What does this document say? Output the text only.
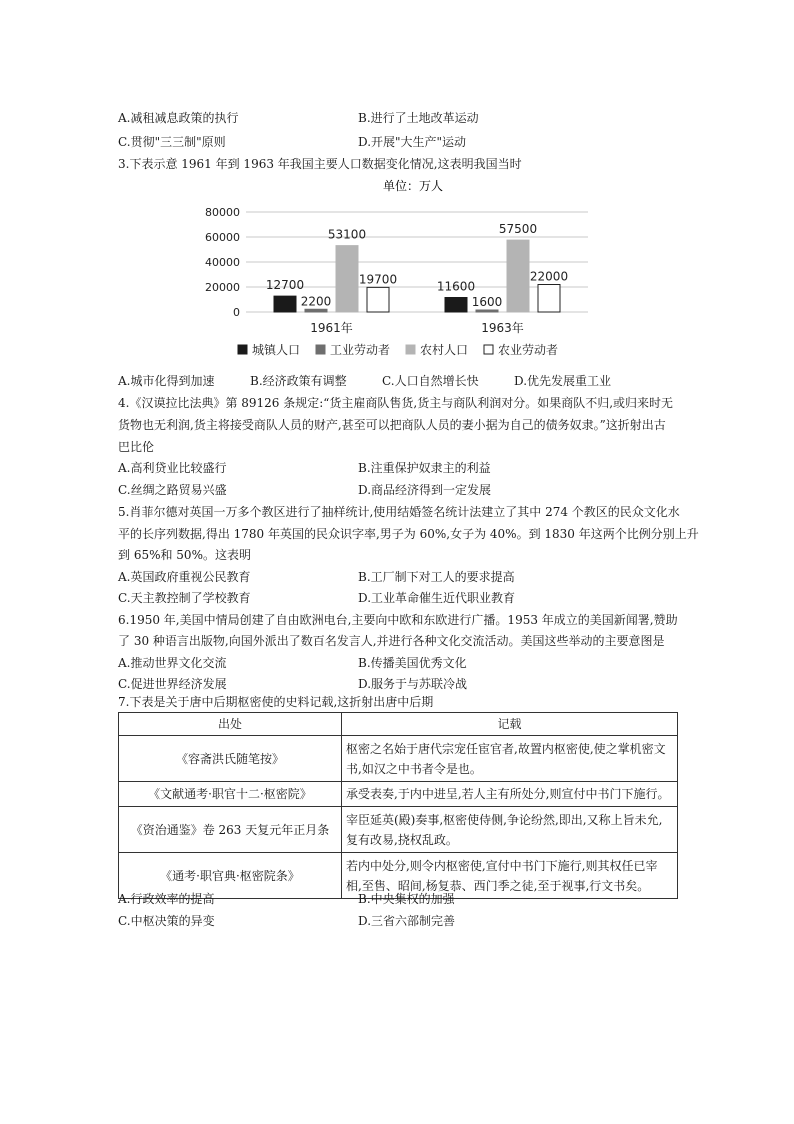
A.减租减息政策的执行	B.进行了土地改革运动
C.贯彻"三三制"原则	D.开展"大生产"运动
3.下表示意 1961 年到 1963 年我国主要人口数据变化情况,这表明我国当时
单位：万人
80000
60000
40000
20000
0
12700
2200
53100
19700
11600
1600
57500
22000
1961年	1963年
城镇人口 工业劳动者 农村人口 农业劳动者
A.城市化得到加速	B.经济政策有调整	C.人口自然增长快	D.优先发展重工业
4.《汉谟拉比法典》第 89126 条规定:“货主雇商队售货,货主与商队利润对分。如果商队不归,或归来时无
货物也无利润,货主将接受商队人员的财产,甚至可以把商队人员的妻小据为自己的债务奴隶。”这折射出古
巴比伦
A.高利贷业比较盛行	B.注重保护奴隶主的利益
C.丝绸之路贸易兴盛	D.商品经济得到一定发展
5.肖菲尔德对英国一万多个教区进行了抽样统计,使用结婚签名统计法建立了其中 274 个教区的民众文化水
平的长序列数据,得出 1780 年英国的民众识字率,男子为 60%,女子为 40%。到 1830 年这两个比例分别上升
到 65%和 50%。这表明
A.英国政府重视公民教育	B.工厂制下对工人的要求提高
C.天主教控制了学校教育	D.工业革命催生近代职业教育
6.1950 年,美国中情局创建了自由欧洲电台,主要向中欧和东欧进行广播。1953 年成立的美国新闻署,赞助
了 30 种语言出版物,向国外派出了数百名发言人,并进行各种文化交流活动。美国这些举动的主要意图是
A.推动世界文化交流	B.传播美国优秀文化
C.促进世界经济发展	D.服务于与苏联冷战
7.下表是关于唐中后期枢密使的史料记载,这折射出唐中后期
出处	记载
《容斋洪氏随笔按》	枢密之名始于唐代宗宠任宦官者,故置内枢密使,使之掌机密文书,如汉之中书者令是也。
《文献通考·职官十二·枢密院》	承受表奏,于内中进呈,若人主有所处分,则宣付中书门下施行。
《资治通鉴》卷 263 天复元年正月条	宰臣延英(殿)奏事,枢密使侍侧,争论纷然,即出,又称上旨未允,复有改易,挠权乱政。
《通考·职官典·枢密院条》	若内中处分,则令内枢密使,宣付中书门下施行,则其权任已宰相,至售、昭间,杨复恭、西门季之徒,至于视事,行文书矣。
A.行政效率的提高	B.中央集权的加强
C.中枢决策的异变	D.三省六部制完善
